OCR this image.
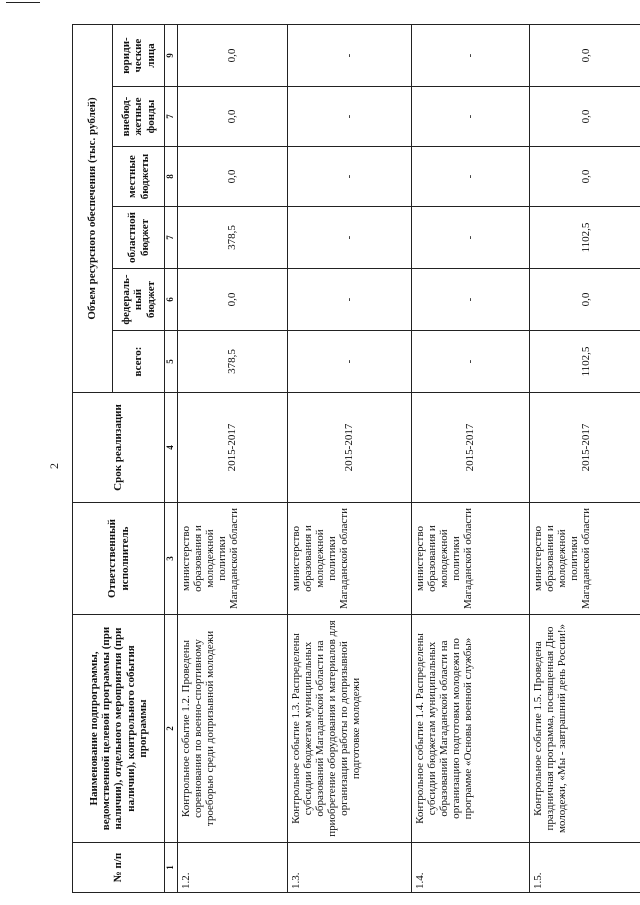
2
№ п/п	Наименование подпрограммы, ведомственной целевой программы (при наличии), отдельного мероприятия (при наличии), контрольного события программы	Ответственный исполнитель	Срок реализации	Объем ресурсного обеспечения (тыс. рублей)					
				всего:	федераль-ный бюджет	областной бюджет	местные бюджеты	внебюд-жетные фонды	юриди-ческие лица
1	2	3	4	5	6	7	8	7	9
1.2.	Контрольное событие 1.2. Проведены соревнования по военно-спортивному троеборью среди допризывной молодежи	министерство образования и молодежной политики Магаданской области	2015-2017	378,5	0,0	378,5	0,0	0,0	0,0
1.3.	Контрольное событие 1.3. Распределены субсидии бюджетам муниципальных образований Магаданской области на приобретение оборудования и материалов для организации работы по допризывной подготовке молодежи	министерство образования и молодежной политики Магаданской области	2015-2017	-	-	-	-	-	-
1.4.	Контрольное событие 1.4. Распределены субсидии бюджетам муниципальных образований Магаданской области на организацию подготовки молодежи по программе «Основы военной службы»	министерство образования и молодежной политики Магаданской области	2015-2017	-	-	-	-	-	-
1.5.	Контрольное событие 1.5. Проведена праздничная программа, посвященная Дню молодежи, «Мы - завтрашний день России!»	министерство образования и молодежной политики Магаданской области	2015-2017	1102,5	0,0	1102,5	0,0	0,0	0,0
